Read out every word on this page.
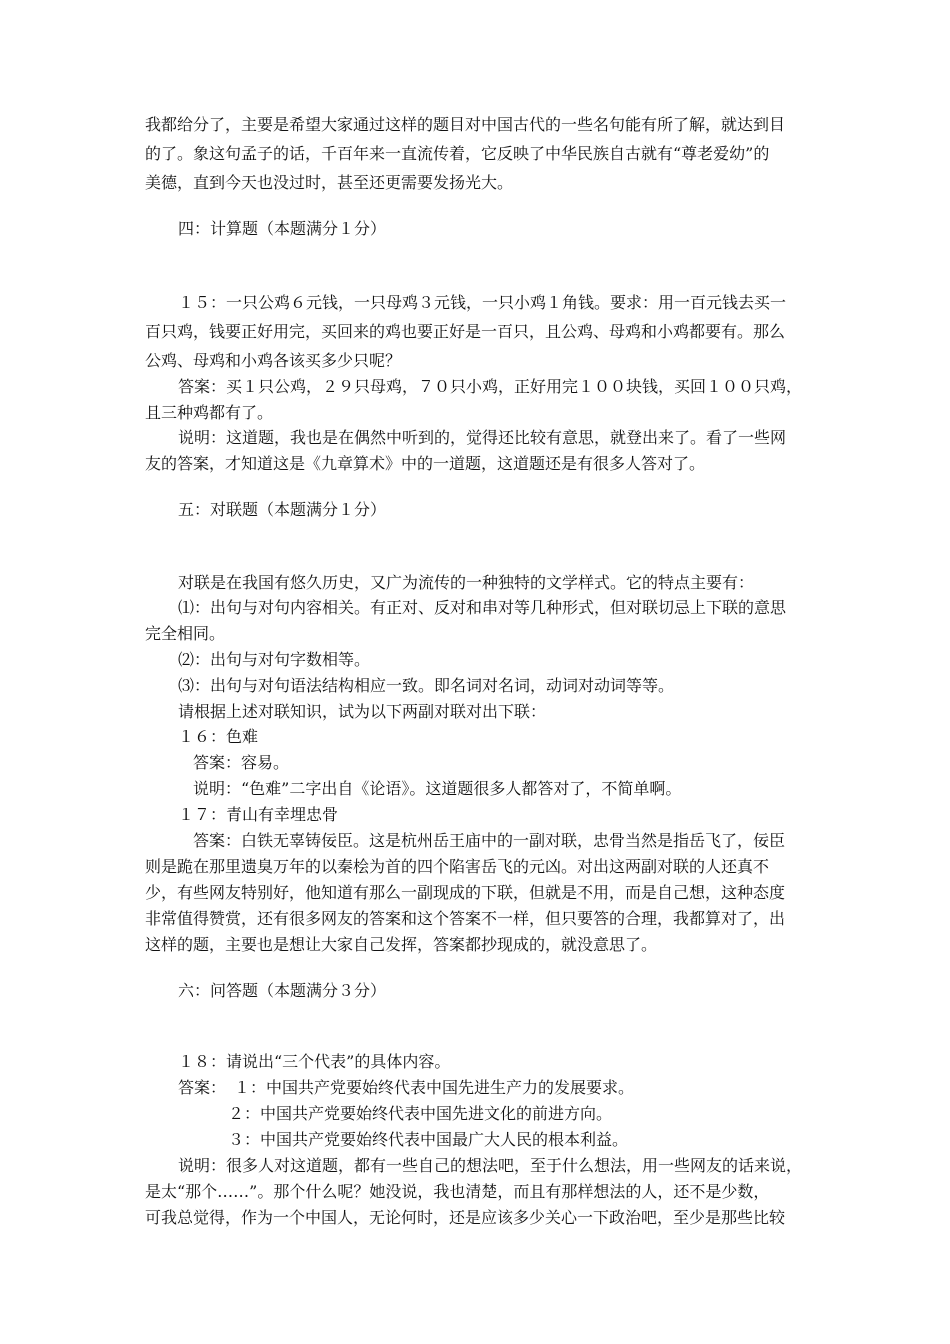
我都给分了，主要是希望大家通过这样的题目对中国古代的一些名句能有所了解，就达到目
的了。象这句孟子的话，千百年来一直流传着，它反映了中华民族自古就有“尊老爱幼”的
美德，直到今天也没过时，甚至还更需要发扬光大。
四：计算题（本题满分１分）
１５：一只公鸡６元钱，一只母鸡３元钱，一只小鸡１角钱。要求：用一百元钱去买一
百只鸡，钱要正好用完，买回来的鸡也要正好是一百只，且公鸡、母鸡和小鸡都要有。那么
公鸡、母鸡和小鸡各该买多少只呢？
答案：买１只公鸡，２９只母鸡，７０只小鸡，正好用完１００块钱，买回１００只鸡，
且三种鸡都有了。
说明：这道题，我也是在偶然中听到的，觉得还比较有意思，就登出来了。看了一些网
友的答案，才知道这是《九章算术》中的一道题，这道题还是有很多人答对了。
五：对联题（本题满分１分）
对联是在我国有悠久历史，又广为流传的一种独特的文学样式。它的特点主要有：
⑴：出句与对句内容相关。有正对、反对和串对等几种形式，但对联切忌上下联的意思
完全相同。
⑵：出句与对句字数相等。
⑶：出句与对句语法结构相应一致。即名词对名词，动词对动词等等。
请根据上述对联知识，试为以下两副对联对出下联：
１６：色难
答案：容易。
说明：“色难”二字出自《论语》。这道题很多人都答对了，不简单啊。
１７：青山有幸埋忠骨
答案：白铁无辜铸佞臣。这是杭州岳王庙中的一副对联，忠骨当然是指岳飞了，佞臣
则是跪在那里遗臭万年的以秦桧为首的四个陷害岳飞的元凶。对出这两副对联的人还真不
少，有些网友特别好，他知道有那么一副现成的下联，但就是不用，而是自己想，这种态度
非常值得赞赏，还有很多网友的答案和这个答案不一样，但只要答的合理，我都算对了，出
这样的题，主要也是想让大家自己发挥，答案都抄现成的，就没意思了。
六：问答题（本题满分３分）
１８：请说出“三个代表”的具体内容。
答案：　１：中国共产党要始终代表中国先进生产力的发展要求。
２：中国共产党要始终代表中国先进文化的前进方向。
３：中国共产党要始终代表中国最广大人民的根本利益。
说明：很多人对这道题，都有一些自己的想法吧，至于什么想法，用一些网友的话来说，
是太“那个……”。那个什么呢？她没说，我也清楚，而且有那样想法的人，还不是少数，
可我总觉得，作为一个中国人，无论何时，还是应该多少关心一下政治吧，至少是那些比较
